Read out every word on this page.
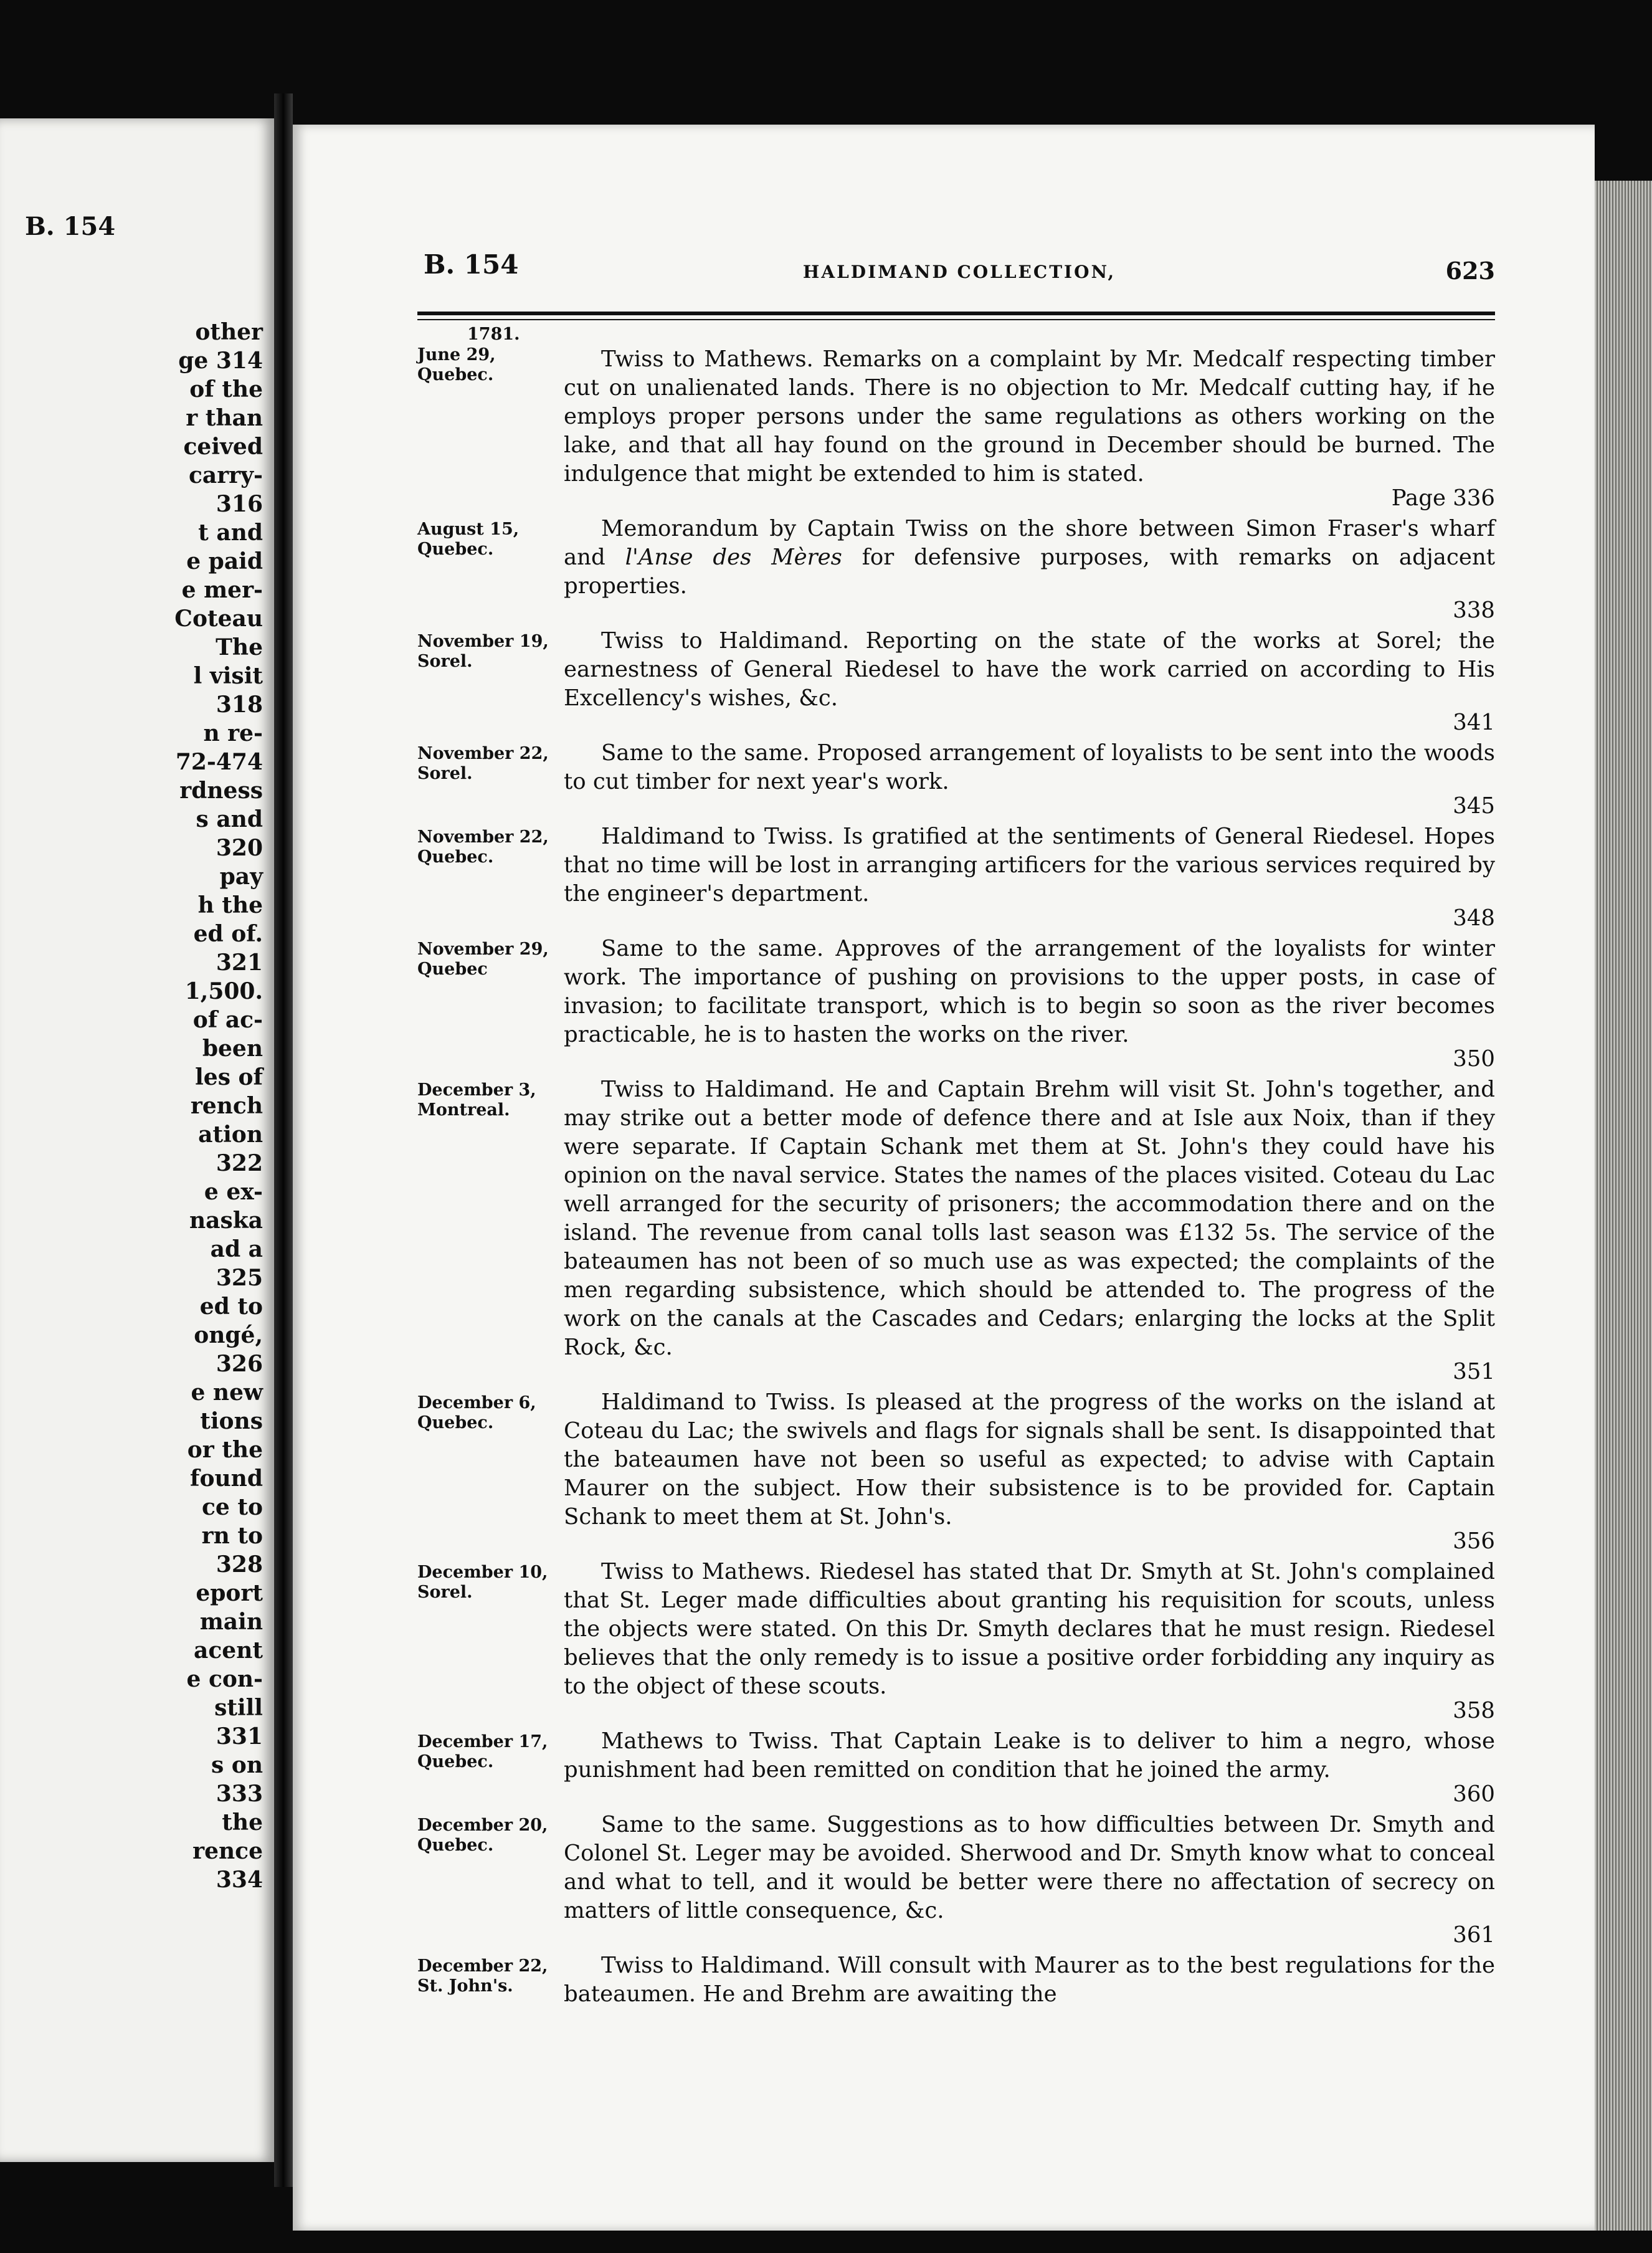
B. 154
other
ge 314
of the
r than
ceived
carry-
316
t and
e paid
e mer-
Coteau
The
l visit
318
n re-
72-474
rdness
s and
320
pay
h the
ed of.
321
1,500.
of ac-
been
les of
rench
ation
322
e ex-
naska
ad a
325
ed to
ongé,
326
e new
tions
or the
found
ce to
rn to
328
eport
main
acent
e con-
still
331
s on
333
the
rence
334
B. 154	HALDIMAND COLLECTION,	623
1781.
June 29,
Quebec.
Twiss to Mathews. Remarks on a complaint by Mr. Medcalf respecting timber cut on unalienated lands. There is no objection to Mr. Medcalf cutting hay, if he employs proper persons under the same regulations as others working on the lake, and that all hay found on the ground in December should be burned. The indulgence that might be extended to him is stated.
Page 336
August 15,
Quebec.
Memorandum by Captain Twiss on the shore between Simon Fraser's wharf and l'Anse des Mères for defensive purposes, with remarks on adjacent properties.
338
November 19,
Sorel.
Twiss to Haldimand. Reporting on the state of the works at Sorel; the earnestness of General Riedesel to have the work carried on according to His Excellency's wishes, &c.
341
November 22,
Sorel.
Same to the same. Proposed arrangement of loyalists to be sent into the woods to cut timber for next year's work.
345
November 22,
Quebec.
Haldimand to Twiss. Is gratified at the sentiments of General Riedesel. Hopes that no time will be lost in arranging artificers for the various services required by the engineer's department.
348
November 29,
Quebec
Same to the same. Approves of the arrangement of the loyalists for winter work. The importance of pushing on provisions to the upper posts, in case of invasion; to facilitate transport, which is to begin so soon as the river becomes practicable, he is to hasten the works on the river.
350
December 3,
Montreal.
Twiss to Haldimand. He and Captain Brehm will visit St. John's together, and may strike out a better mode of defence there and at Isle aux Noix, than if they were separate. If Captain Schank met them at St. John's they could have his opinion on the naval service. States the names of the places visited. Coteau du Lac well arranged for the security of prisoners; the accommodation there and on the island. The revenue from canal tolls last season was £132 5s. The service of the bateaumen has not been of so much use as was expected; the complaints of the men regarding subsistence, which should be attended to. The progress of the work on the canals at the Cascades and Cedars; enlarging the locks at the Split Rock, &c.
351
December 6,
Quebec.
Haldimand to Twiss. Is pleased at the progress of the works on the island at Coteau du Lac; the swivels and flags for signals shall be sent. Is disappointed that the bateaumen have not been so useful as expected; to advise with Captain Maurer on the subject. How their subsistence is to be provided for. Captain Schank to meet them at St. John's.
356
December 10,
Sorel.
Twiss to Mathews. Riedesel has stated that Dr. Smyth at St. John's complained that St. Leger made difficulties about granting his requisition for scouts, unless the objects were stated. On this Dr. Smyth declares that he must resign. Riedesel believes that the only remedy is to issue a positive order forbidding any inquiry as to the object of these scouts.
358
December 17,
Quebec.
Mathews to Twiss. That Captain Leake is to deliver to him a negro, whose punishment had been remitted on condition that he joined the army.
360
December 20,
Quebec.
Same to the same. Suggestions as to how difficulties between Dr. Smyth and Colonel St. Leger may be avoided. Sherwood and Dr. Smyth know what to conceal and what to tell, and it would be better were there no affectation of secrecy on matters of little consequence, &c.
361
December 22,
St. John's.
Twiss to Haldimand. Will consult with Maurer as to the best regulations for the bateaumen. He and Brehm are awaiting the
